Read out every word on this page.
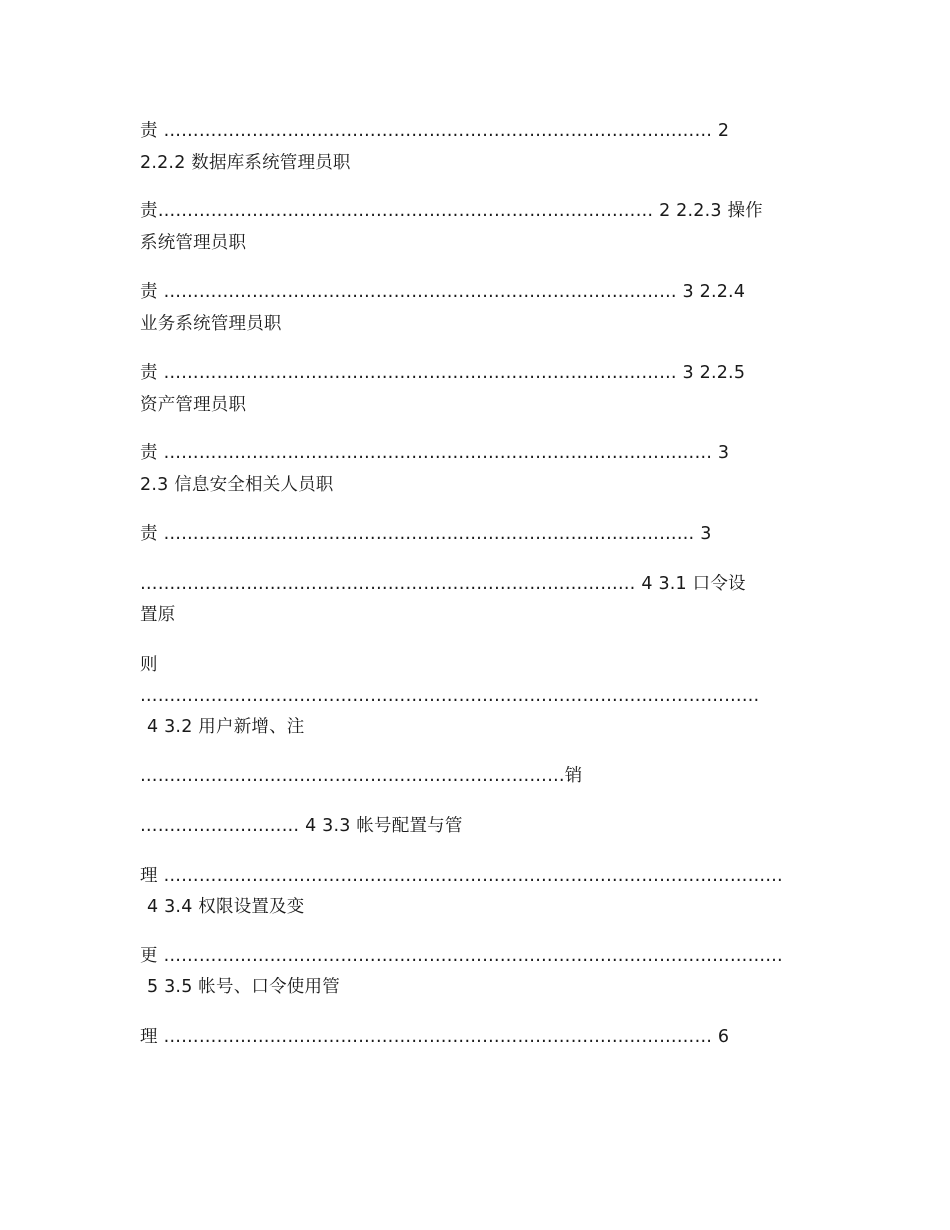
责 ………………………………………………………………………………… 2
2.2.2 数据库系统管理员职
责………………………………………………………………………… 2 2.2.3 操作
系统管理员职
责 …………………………………………………………………………… 3 2.2.4
业务系统管理员职
责 …………………………………………………………………………… 3 2.2.5
资产管理员职
责 ………………………………………………………………………………… 3
2.3 信息安全相关人员职
责 ……………………………………………………………………………… 3
………………………………………………………………………… 4 3.1 口令设
置原
则
……………………………………………………………………………………………
4 3.2 用户新增、注
………………………………………………………………销
……………………… 4 3.3 帐号配置与管
理 ……………………………………………………………………………………………
4 3.4 权限设置及变
更 ……………………………………………………………………………………………
5 3.5 帐号、口令使用管
理 ………………………………………………………………………………… 6
